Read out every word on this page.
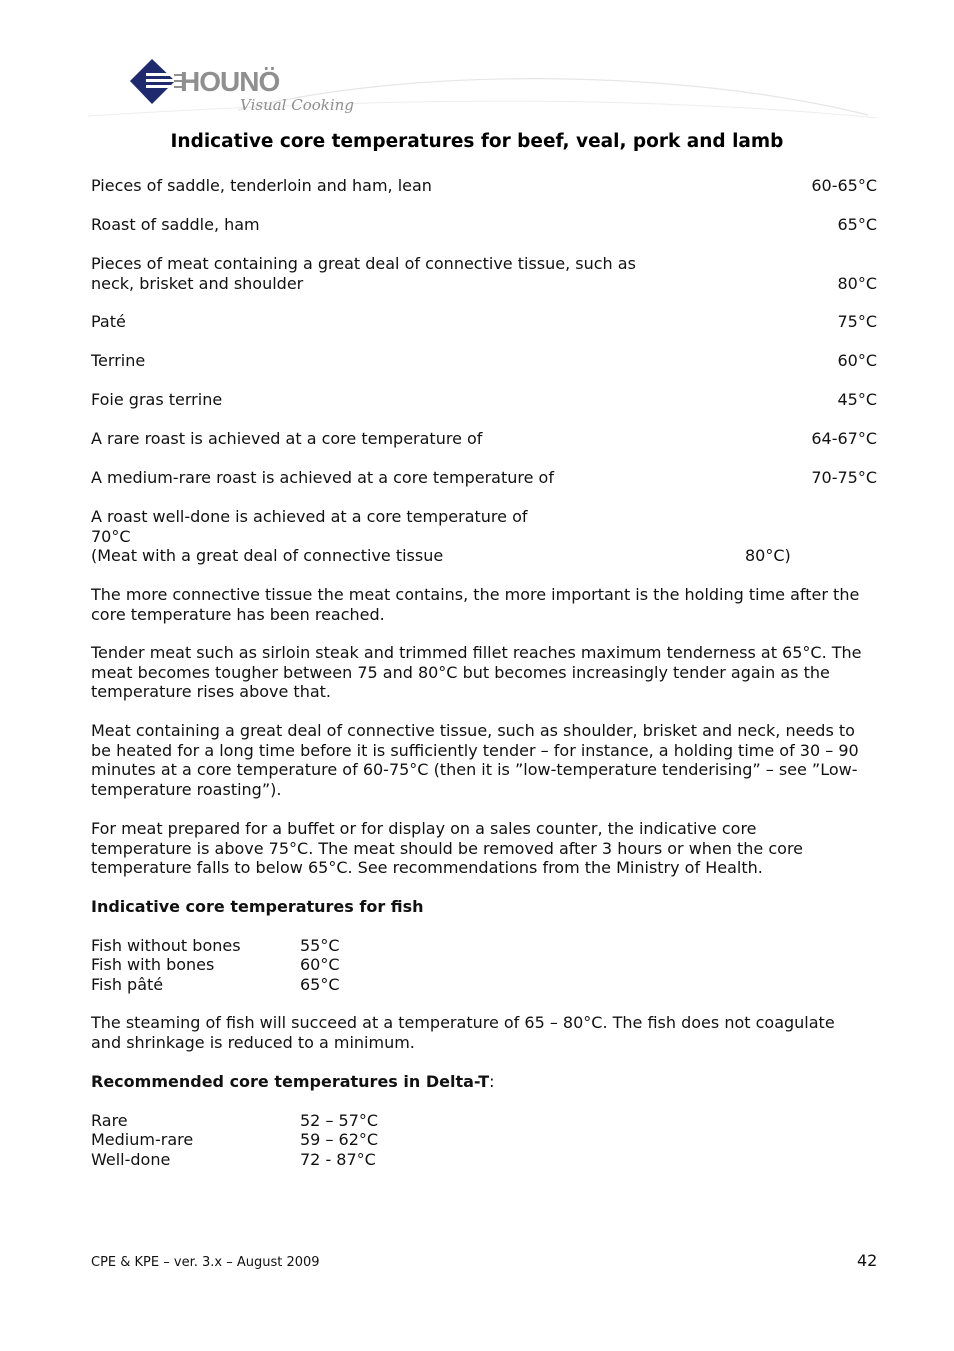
HOUNÖ
Visual Cooking
Indicative core temperatures for beef, veal, pork and lamb
Pieces of saddle, tenderloin and ham, lean	60-65°C
Roast of saddle, ham	65°C
Pieces of meat containing a great deal of connective tissue, such as
neck, brisket and shoulder	80°C
Paté	75°C
Terrine	60°C
Foie gras terrine	45°C
A rare roast is achieved at a core temperature of	64-67°C
A medium-rare roast is achieved at a core temperature of	70-75°C
A roast well-done is achieved at a core temperature of
70°C
(Meat with a great deal of connective tissue	80°C)

The more connective tissue the meat contains, the more important is the holding time after the core temperature has been reached.

Tender meat such as sirloin steak and trimmed fillet reaches maximum tenderness at 65°C. The meat becomes tougher between 75 and 80°C but becomes increasingly tender again as the temperature rises above that.

Meat containing a great deal of connective tissue, such as shoulder, brisket and neck, needs to be heated for a long time before it is sufficiently tender – for instance, a holding time of 30 – 90 minutes at a core temperature of 60-75°C (then it is ”low-temperature tenderising” – see ”Low-temperature roasting”).

For meat prepared for a buffet or for display on a sales counter, the indicative core temperature is above 75°C. The meat should be removed after 3 hours or when the core temperature falls to below 65°C. See recommendations from the Ministry of Health.

Indicative core temperatures for fish

Fish without bones	55°C
Fish with bones	60°C
Fish pâté	65°C

The steaming of fish will succeed at a temperature of 65 – 80°C. The fish does not coagulate and shrinkage is reduced to a minimum.

Recommended core temperatures in Delta-T:

Rare	52 – 57°C
Medium-rare	59 – 62°C
Well-done	72 - 87°C
CPE & KPE – ver. 3.x – August 2009	42
